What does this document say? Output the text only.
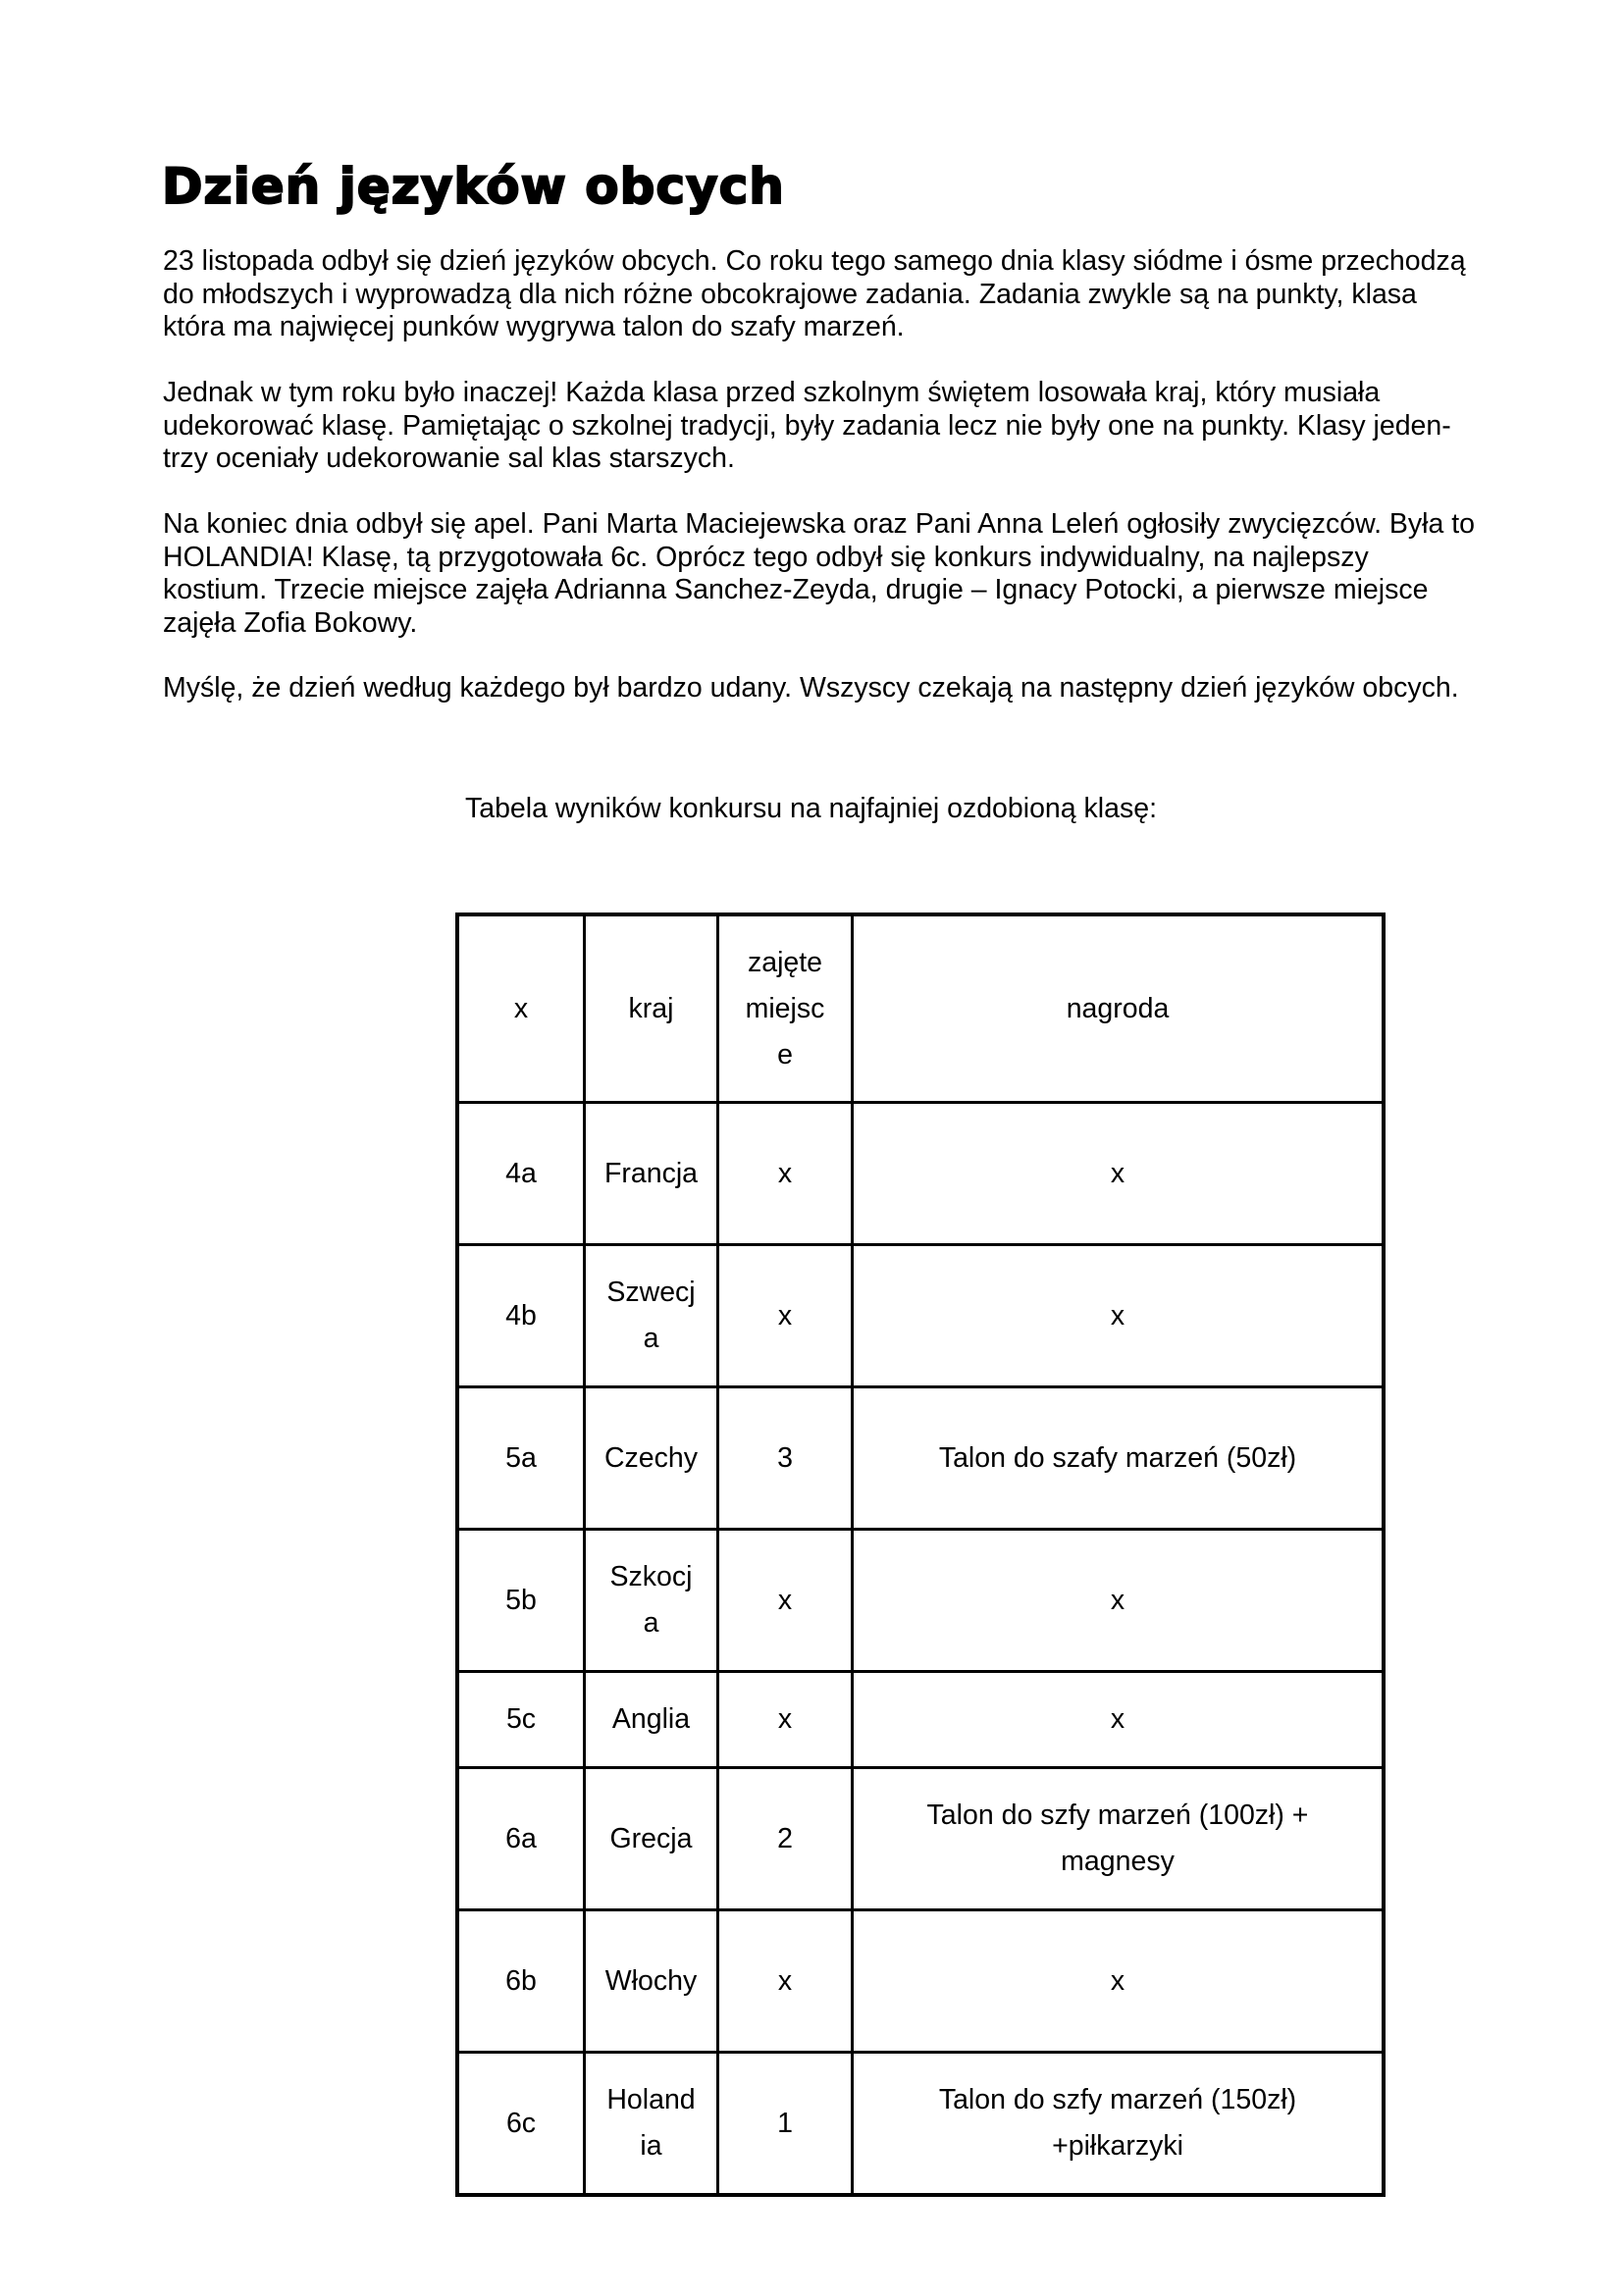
Dzień języków obcych

23 listopada odbył się dzień języków obcych. Co roku tego samego dnia klasy siódme i ósme przechodzą do młodszych i wyprowadzą dla nich różne obcokrajowe zadania. Zadania zwykle są na punkty, klasa która ma najwięcej punków wygrywa talon do szafy marzeń.

Jednak w tym roku było inaczej! Każda klasa przed szkolnym świętem losowała kraj, który musiała udekorować klasę. Pamiętając o szkolnej tradycji, były zadania lecz nie były one na punkty. Klasy jeden-trzy oceniały udekorowanie sal klas starszych.

Na koniec dnia odbył się apel. Pani Marta Maciejewska oraz Pani Anna Leleń ogłosiły zwycięzców. Była to HOLANDIA! Klasę, tą przygotowała 6c. Oprócz tego odbył się konkurs indywidualny, na najlepszy kostium. Trzecie miejsce zajęła Adrianna Sanchez-Zeyda, drugie – Ignacy Potocki, a pierwsze miejsce zajęła Zofia Bokowy.

Myślę, że dzień według każdego był bardzo udany. Wszyscy czekają na następny dzień języków obcych.

Tabela wyników konkursu na najfajniej ozdobioną klasę:

x	kraj	zajęte miejsce	nagroda
4a	Francja	x	x
4b	Szwecja	x	x
5a	Czechy	3	Talon do szafy marzeń (50zł)
5b	Szkocja	x	x
5c	Anglia	x	x
6a	Grecja	2	Talon do szfy marzeń (100zł) + magnesy
6b	Włochy	x	x
6c	Holandia	1	Talon do szfy marzeń (150zł) +piłkarzyki
